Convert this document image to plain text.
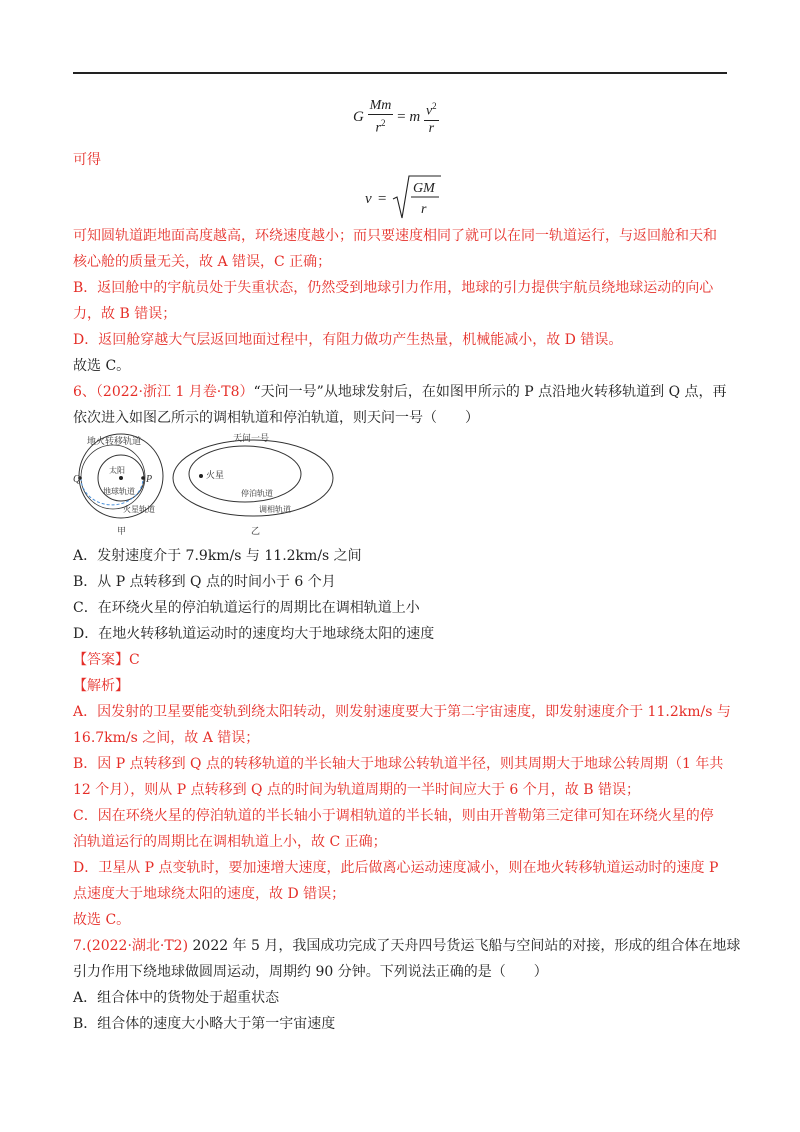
G $\frac{Mm}{r^2} = m \frac{v^2}{r}$

可得

v =
GM
r

可知圆轨道距地面高度越高，环绕速度越小；而只要速度相同了就可以在同一轨道运行，与返回舱和天和

核心舱的质量无关，故 A 错误，C 正确；

B．返回舱中的宇航员处于失重状态，仍然受到地球引力作用，地球的引力提供宇航员绕地球运动的向心

力，故 B 错误；

D．返回舱穿越大气层返回地面过程中，有阻力做功产生热量，机械能减小，故 D 错误。

故选 C。

6、（2022·浙江 1 月卷·T8）“天问一号”从地球发射后，在如图甲所示的 P 点沿地火转移轨道到 Q 点，再

依次进入如图乙所示的调相轨道和停泊轨道，则天问一号（　　）

地火转移轨道
Q	P
太阳
地球轨道
火星轨道
甲
火星
天问一号
停泊轨道
调相轨道
乙

A．发射速度介于 7.9km/s 与 11.2km/s 之间

B．从 P 点转移到 Q 点的时间小于 6 个月

C．在环绕火星的停泊轨道运行的周期比在调相轨道上小

D．在地火转移轨道运动时的速度均大于地球绕太阳的速度

【答案】C

【解析】

A．因发射的卫星要能变轨到绕太阳转动，则发射速度要大于第二宇宙速度，即发射速度介于 11.2km/s 与

16.7km/s 之间，故 A 错误；

B．因 P 点转移到 Q 点的转移轨道的半长轴大于地球公转轨道半径，则其周期大于地球公转周期（1 年共

12 个月），则从 P 点转移到 Q 点的时间为轨道周期的一半时间应大于 6 个月，故 B 错误；

C．因在环绕火星的停泊轨道的半长轴小于调相轨道的半长轴，则由开普勒第三定律可知在环绕火星的停

泊轨道运行的周期比在调相轨道上小，故 C 正确；

D．卫星从 P 点变轨时，要加速增大速度，此后做离心运动速度减小，则在地火转移轨道运动时的速度 P

点速度大于地球绕太阳的速度，故 D 错误；

故选 C。

7.(2022·湖北·T2) 2022 年 5 月，我国成功完成了天舟四号货运飞船与空间站的对接，形成的组合体在地球

引力作用下绕地球做圆周运动，周期约 90 分钟。下列说法正确的是（　　）

A．组合体中的货物处于超重状态

B．组合体的速度大小略大于第一宇宙速度
